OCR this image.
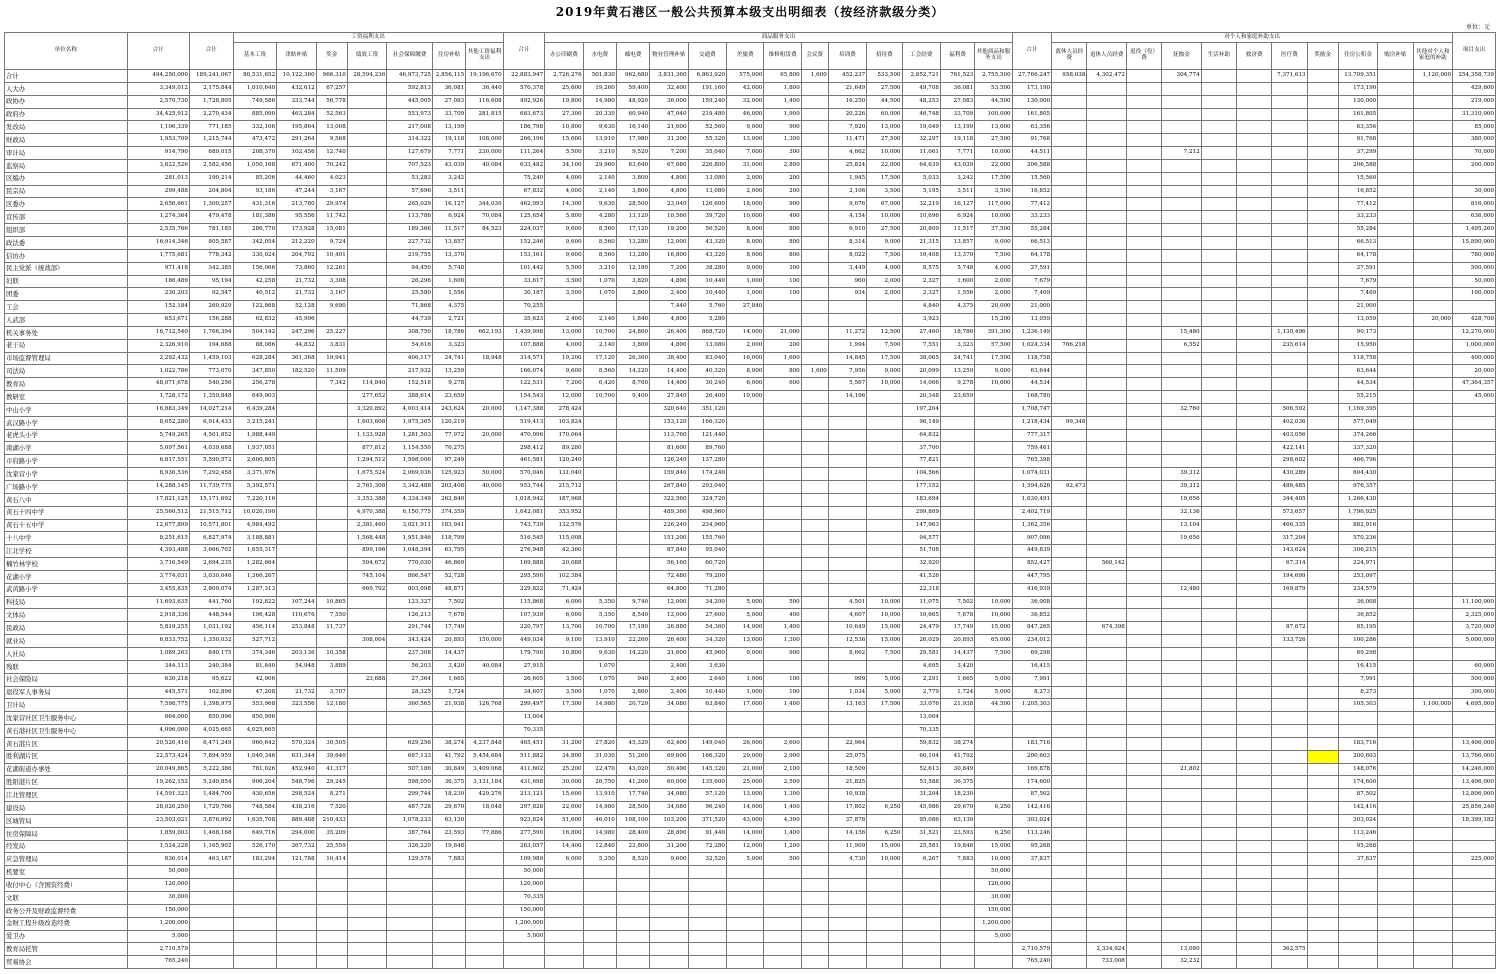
2019年黄石港区一般公共预算本级支出明细表（按经济款级分类）
单位：元
单位名称	合计	合计	工资福利支出							合计	商品服务支出													合计	对个人和家庭补助支出											项目支出
			基本工资	津贴补贴	奖金	绩效工资	社会保障缴费	住房补贴	其他工资福利支出		办公印刷费	水电费	邮电费	物业管理补贴	交通费	差旅费	维修租赁费	会议费	培训费	招待费	工会经费	福利费	其他商品和服务支出		离休人员经费	退休人员经费	退役（役）费	抚恤金	生活补助	救济费	医疗费	奖励金	住房公积金	购房补贴	其他对个人和家庭的补助	
合计	494,250,000	189,241,067	80,531,652	10,122,360	966,310	28,594,236	46,973,725	2,856,115	19,196,670	22,883,947	2,726,276	501,830	962,680	3,831,360	6,863,920	575,000	65,800	1,600	452,237	533,500	2,852,721	761,523	2,755,500	27,766,247	958,038	4,302,472		304,774			7,371,613		13,709,351		1,120,000	254,358,739
人大办	3,349,012	2,175,844	1,010,640	432,612	67,257		592,813	36,081	36,440	570,378	25,600	19,260	59,400	32,400	191,160	42,000	1,800		21,649	27,500	49,708	36,081	53,500	173,190									173,190			429,600
政协办	2,570,730	1,728,805	749,586	333,744	56,778		445,005	27,083	116,608	492,926	19,800	14,980	48,920	36,000	159,240	32,000	1,400		16,250	44,500	48,253	27,083	44,500	130,000									130,000			219,000
政府办	34,425,912	2,270,434	885,090	463,284	52,563		553,973	33,709	281,815	683,673	27,300	20,330	60,940	47,040	219,480	46,000	1,900		20,226	60,000	46,748	33,709	100,000	161,805									161,805			31,310,000
发改局	1,106,339	771,185	332,106	195,864	13,008		217,008	13,199		186,798	10,800	9,630	16,140	21,600	52,560	9,000	900		7,920	13,000	19,049	13,199	13,000	63,356									63,356			85,000
财政局	1,953,709	1,215,744	473,472	291,264	9,568		314,322	19,118	108,000	266,196	15,600	13,910	17,980	31,200	55,320	13,000	1,300		11,471	27,500	32,297	19,118	27,500	91,768									91,768			380,000
审计局	914,790	689,015	208,370	102,456	12,740		127,679	7,771	230,000	111,264	5,500	3,210	9,520	7,200	35,040	7,000	300		4,662	10,000	11,061	7,771	10,000	44,511				7,212					37,299			70,000
监察局	3,622,526	2,582,456	1,050,168	671,400	70,242		707,523	43,039	40,084	633,482	34,100	29,960	63,640	67,680	226,800	31,000	2,800		25,824	22,000	64,639	43,039	22,000	206,588									206,588			200,000
区编办	281,013	190,214	85,206	44,460	4,023		53,283	3,242		75,240	4,000	2,140	3,800	4,800	13,080	2,000	200		1,945	17,500	5,033	3,242	17,500	15,560									15,560			
民宗局	299,488	204,804	93,186	47,244	3,167		57,696	3,511		67,832	4,000	2,140	3,800	4,800	13,080	2,000	200		2,106	3,500	5,195	3,511	3,500	16,852									16,852			30,000
区委办	2,656,661	1,300,257	431,316	213,780	29,974		265,029	16,127	344,030	462,993	14,300	9,630	28,500	23,040	126,600	18,000	900		9,676	67,000	32,219	16,127	117,000	77,412									77,412			816,000
宣传部	1,274,364	479,478	181,386	95,556	11,742		113,786	6,924	70,084	125,654	5,800	4,280	13,120	10,560	39,720	10,000	400		4,154	10,000	10,696	6,924	10,000	33,233									33,233			636,000
组织部	2,535,766	781,185	286,770	173,928	15,081		189,366	11,517	84,523	224,037	9,600	8,560	17,120	19,200	56,520	8,000	800		6,910	27,500	20,809	11,517	37,500	55,284									55,284			1,495,260
政法委	16,914,346	805,587	342,054	212,220	9,724		227,732	13,857		152,246	9,600	8,560	13,280	12,000	43,320	8,000	800		8,314	9,000	21,315	13,857	9,000	66,513									66,513			15,890,000
信访办	1,775,681	778,342	330,024	204,792	10,401		219,755	13,370		153,161	9,600	8,560	13,280	16,800	43,320	8,000	800		8,022	7,500	16,408	13,370	7,500	64,178									64,178			780,000
民主党派（统战部）	971,418	342,385	156,066	73,860	12,261		94,450	5,748		101,442	5,500	3,210	12,180	7,200	38,280	9,000	300		3,449	4,000	8,575	5,748	4,000	27,591									27,591			500,000
妇联	186,489	95,194	42,258	21,732	3,308		26,296	1,600		33,617	3,500	1,070	3,820	4,800	10,440	1,000	100		960	2,000	2,327	1,600	2,000	7,679									7,679			50,000
团委	230,203	92,547	40,512	21,732	3,167		25,580	1,556		30,187	3,500	1,070	2,860	2,400	10,440	1,000	100		934	2,000	2,327	1,556	2,000	7,469									7,469			100,000
工会	152,184	260,929	122,868	52,128	9,690		71,868	4,375		70,255				7,440	5,760	27,840					4,840	4,375	20,000	21,000									21,000			
人武部	653,671	156,288	62,832	45,996			44,739	2,721		35,623	2,400	2,140	1,840	4,800	5,280						3,923		15,200	13,059									13,059		20,000	428,700
机关事务处	16,712,540	1,766,394	504,142	247,296	25,227		308,750	18,786	662,193	1,439,998	13,000	10,700	24,860	26,400	868,720	14,000	21,000		11,272	12,500	27,460	18,786	391,300	1,236,149				15,480			1,130,496		90,173			12,270,000
老干局	2,326,910	194,688	88,086	44,832	3,831		54,616	3,323		107,888	4,000	2,140	3,800	4,800	13,080	2,000	200		1,994	7,500	7,551	3,323	57,500	1,024,334	766,218			6,552			235,614		15,950			1,000,000
市场监督管理局	2,292,432	1,459,103	628,284	361,368	19,941		406,117	24,741	18,948	314,571	19,200	17,120	26,360	38,400	83,040	16,000	1,600		14,845	17,500	38,065	24,741	17,500	118,758									118,758			400,000
司法局	1,022,786	773,070	347,850	182,520	11,509		217,932	13,259		166,074	9,600	8,560	14,220	14,400	40,320	8,000	800	1,600	7,956	9,000	20,099	13,259	9,000	63,644									63,644			20,000
教育局	48,071,678	540,256	256,278		7,342	114,840	152,518	9,278		122,531	7,200	6,420	8,760	14,400	30,240	6,000	600		5,567	10,000	14,066	9,278	10,000	44,534									44,534			47,364,357
教研室	1,728,172	1,359,848	649,903			277,652	388,614	23,659		154,543	12,000	10,700	9,400	27,840	26,400	10,000			14,196		20,348	23,659		168,780									55,215			45,000
中山小学	16,883,349	14,027,214	6,439,284			3,320,892	4,003,414	243,624	20,000	1,147,388	278,424			320,640	351,120						197,204			1,708,747				32,760			506,592		1,169,395			
武汉路小学	8,652,280	6,914,433	3,215,241			1,603,608	1,975,365	120,219		519,413	103,824			153,120	166,320						96,149			1,218,434	99,348						402,036		577,049			
老虎头小学	5,749,265	4,501,852	1,988,449			1,133,928	1,281,503	77,972	20,000	470,096	170,064			113,760	121,440						64,832			777,317							403,056		374,266			
南湖小学	5,097,561	4,039,688	1,937,051			877,812	1,154,550	70,275		298,412	89,280			81,600	89,760						37,700			759,461							422,141		337,320			
市府路小学	6,817,551	5,590,572	2,600,805			1,294,512	1,598,006	97,249		461,581	120,240			126,240	137,280						77,821			765,398							298,602		466,796			
沈家营小学	8,936,536	7,292,458	3,371,976			1,675,524	2,069,036	125,923	50,000	570,046	131,040			159,840	174,240						104,566			1,074,031				39,312			430,289		604,430			
广场路小学	14,288,145	11,739,775	5,392,571			2,761,308	3,342,488	203,408	40,000	953,744	215,712			267,840	293,040						177,152			1,594,626	92,473			39,312			486,485		976,357			
黄石八中	17,821,125	15,171,692	7,220,116			3,353,388	4,334,349	263,840		1,018,942	187,968			322,560	324,720						183,694			1,630,491				19,656			344,405		1,266,430			
黄石十四中学	25,560,512	21,515,712	10,020,190			4,970,388	6,150,775	374,359		1,642,081	353,952			489,360	498,960						299,809			2,402,719				32,136			573,657		1,796,925			
黄石十五中学	12,677,899	10,571,801	4,984,492			2,381,460	3,021,911	183,941		743,739	132,576			226,240	234,960						147,963			1,362,356				13,104			466,335		882,916			
十八中学	8,251,615	6,827,974	3,188,881			1,568,448	1,951,846	118,799		516,545	115,008			151,200	155,760						94,577			907,096				19,656			317,204		570,236			
江北学校	4,393,488	3,666,702	1,655,317			899,196	1,048,394	63,795		276,948	42,360			87,840	95,040						51,708			449,839							143,624		306,215			
楠竹林学校	3,716,549	2,694,235	1,282,664			594,672	770,030	46,869		169,888	20,088			56,160	60,720						32,920			852,427		560,142					67,314		224,971			
花湖小学	3,774,031	3,030,646	1,366,267			745,104	866,547	52,728		295,590	102,384			72,480	79,200						41,526			447,795							194,699		253,097			
武黄路小学	3,455,835	2,809,074	1,287,313			669,792	803,098	48,871		229,822	71,424			64,800	71,280						22,318			416,939				12,480			169,879		234,579			
科技局	11,693,635	441,760	192,822	107,244	10,865		123,327	7,502		115,868	6,000	5,350	9,740	12,000	34,200	5,000	500		4,501	10,000	11,075	7,502	10,000	36,008									36,008			11,100,000
文体局	2,918,336	448,544	196,428	110,676	7,550		126,213	7,678		107,939	6,000	5,350	8,540	12,000	27,600	5,000	400		4,607	10,000	10,665	7,678	10,000	36,852									36,852			2,325,000
民政局	5,819,255	1,031,192	456,114	253,848	11,737		291,744	17,749		220,797	13,700	10,700	17,180	26,880	54,360	14,000	1,400		10,649	15,000	24,479	17,749	15,000	847,265		674,398					87,672		85,195			3,720,000
就业局	6,833,752	1,350,032	527,712			308,004	343,424	20,893	150,000	449,034	9,100	13,910	22,260	26,400	34,320	13,000	1,300		12,536	15,000	26,029	20,893	65,000	234,012							133,726		100,286			5,000,000
人社局	1,089,263	840,175	374,346	203,136	10,358		237,308	14,437		179,790	10,800	9,630	14,220	21,600	45,960	9,000	900		8,662	7,500	29,581	14,437	7,500	69,298									69,298			
残联	344,113	240,384	81,840	54,948	3,889		56,203	3,420	40,084	27,915		1,070		2,400	3,630						4,695	3,420		16,415									16,415			60,000
社会保险局	630,218	95,622	42,906			23,688	27,364	1,665		26,605	3,500	1,070	940	2,400	2,640	1,000	100		999	5,000	2,291	1,665	5,000	7,991									7,991			500,000
退役军人事务局	445,571	102,896	47,208	21,732	3,707		28,325	1,724		34,607	3,500	1,070	2,860	2,400	10,440	1,000	100		1,034	5,000	2,779	1,724	5,000	8,273									8,273			300,000
卫计局	7,598,775	1,398,975	553,968	323,556	12,180		360,565	21,938	126,768	299,497	17,300	14,980	20,720	34,080	63,840	17,000	1,400		13,163	17,500	33,076	21,938	44,500	1,205,303									105,303		1,100,000	4,695,000
沈家营社区卫生服务中心	864,000	850,996	850,996							13,004											13,004															
黄石港社区卫生服务中心	4,096,000	4,025,665	4,025,665							70,335											70,335															
黄石港片区	20,526,416	6,471,249	960,642	570,324	30,505		629,256	38,274	4,237,848	465,451	31,200	27,820	45,320	62,400	149,040	26,000	2,600		22,964		59,832	38,274		183,716									183,716			13,406,000
胜利湖片区	22,573,424	7,894,959	1,040,346	631,344	39,640		687,133	41,792	5,454,684	511,882	34,800	31,030	51,260	69,600	166,320	29,000	2,900		25,075		60,104	41,792		200,603									200,603			13,766,000
花湖街道办事处	20,049,865	5,222,386	781,026	452,940	41,317		507,186	30,849	3,409,068	411,602	25,200	22,470	43,020	50,400	145,320	21,000	2,100		18,509		52,613	30,849		169,878				21,802					148,076			14,246,000
胜阳港片区	19,262,152	5,249,854	906,204	548,796	29,245		598,050	36,375	3,131,184	431,698	30,000	26,750	41,260	60,000	135,600	25,000	2,500		21,825		53,588	36,375		174,600									174,600			13,406,000
江北管理区	14,591,323	1,484,700	430,656	298,524	8,271		299,744	18,230	429,276	213,121	15,600	13,910	17,740	34,080	57,120	13,000	1,300		10,938		31,204	18,230		87,502									87,502			12,806,000
建设局	28,026,250	1,729,766	748,584	438,216	7,520		487,728	29,670	18,048	297,828	22,000	14,980	28,500	34,080	96,240	14,000	1,400		17,802	6,250	45,986	29,670	6,250	142,416									142,416			25,856,240
区城管局	23,503,021	3,876,992	1,635,708	889,488	210,433		1,078,233	63,130		923,824	51,600	46,010	108,100	103,200	371,520	43,000	4,300		37,878		95,086	63,130		303,024									303,024			18,399,182
住房保障局	1,859,003	1,468,168	649,716	294,000	35,209		387,764	23,593	77,886	277,590	16,800	14,980	28,400	28,800	91,440	14,000	1,400		14,156	6,250	31,521	23,593	6,250	113,246									113,246			
经发局	1,524,228	1,165,902	526,170	267,732	25,559		326,220	19,848		263,057	14,400	12,840	22,800	31,200	72,280	12,000	1,200		11,909	15,000	25,581	19,848	15,000	95,268									95,268			
应急管理局	836,014	463,187	183,294	121,788	10,414		129,578	7,883		109,989	6,000	5,350	8,520	9,600	32,520	5,000	500		4,730	10,000	6,267	7,883	10,000	37,837									37,837			225,000
机要室	50,000									50,000													50,000													
收付中心（含国资经费）	120,000									120,000													120,000													
文联	30,000									70,335													30,000													
政务公开及财政监督经费	150,000									150,000													150,000													
金财工程升级改造经费	1,200,000									1,200,000													1,200,000													
爱卫办	5,000									5,000													5,000													
教育局托管	2,710,579																							2,710,579		2,334,924		13,080			362,575					
贸易协会	765,240																							765,240		733,008		32,232								
